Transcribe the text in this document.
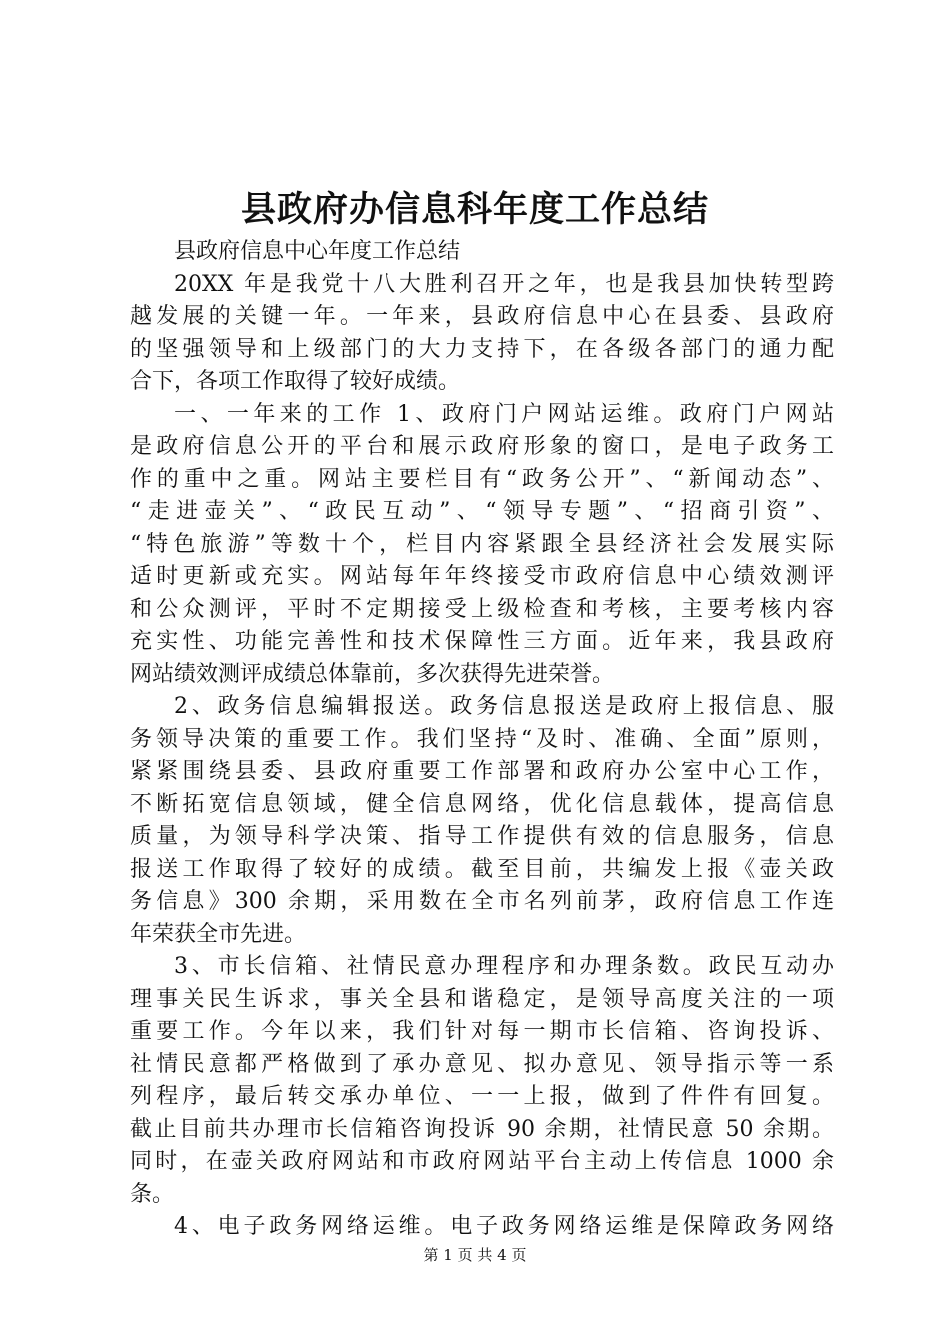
县政府办信息科年度工作总结
县政府信息中心年度工作总结
20XX 年是我党十八大胜利召开之年，也是我县加快转型跨
越发展的关键一年。一年来，县政府信息中心在县委、县政府
的坚强领导和上级部门的大力支持下，在各级各部门的通力配
合下，各项工作取得了较好成绩。
一、一年来的工作 1、政府门户网站运维。政府门户网站
是政府信息公开的平台和展示政府形象的窗口，是电子政务工
作的重中之重。网站主要栏目有“政务公开”、“新闻动态”、
“走进壶关”、“政民互动”、“领导专题”、“招商引资”、
“特色旅游”等数十个，栏目内容紧跟全县经济社会发展实际
适时更新或充实。网站每年年终接受市政府信息中心绩效测评
和公众测评，平时不定期接受上级检查和考核，主要考核内容
充实性、功能完善性和技术保障性三方面。近年来，我县政府
网站绩效测评成绩总体靠前，多次获得先进荣誉。
2、政务信息编辑报送。政务信息报送是政府上报信息、服
务领导决策的重要工作。我们坚持“及时、准确、全面”原则，
紧紧围绕县委、县政府重要工作部署和政府办公室中心工作，
不断拓宽信息领域，健全信息网络，优化信息载体，提高信息
质量，为领导科学决策、指导工作提供有效的信息服务，信息
报送工作取得了较好的成绩。截至目前，共编发上报《壶关政
务信息》300 余期，采用数在全市名列前茅，政府信息工作连
年荣获全市先进。
3、市长信箱、社情民意办理程序和办理条数。政民互动办
理事关民生诉求，事关全县和谐稳定，是领导高度关注的一项
重要工作。今年以来，我们针对每一期市长信箱、咨询投诉、
社情民意都严格做到了承办意见、拟办意见、领导指示等一系
列程序，最后转交承办单位、一一上报，做到了件件有回复。
截止目前共办理市长信箱咨询投诉 90 余期，社情民意 50 余期。
同时，在壶关政府网站和市政府网站平台主动上传信息 1000 余
条。
4、电子政务网络运维。电子政务网络运维是保障政务网络
第 1 页 共 4 页
